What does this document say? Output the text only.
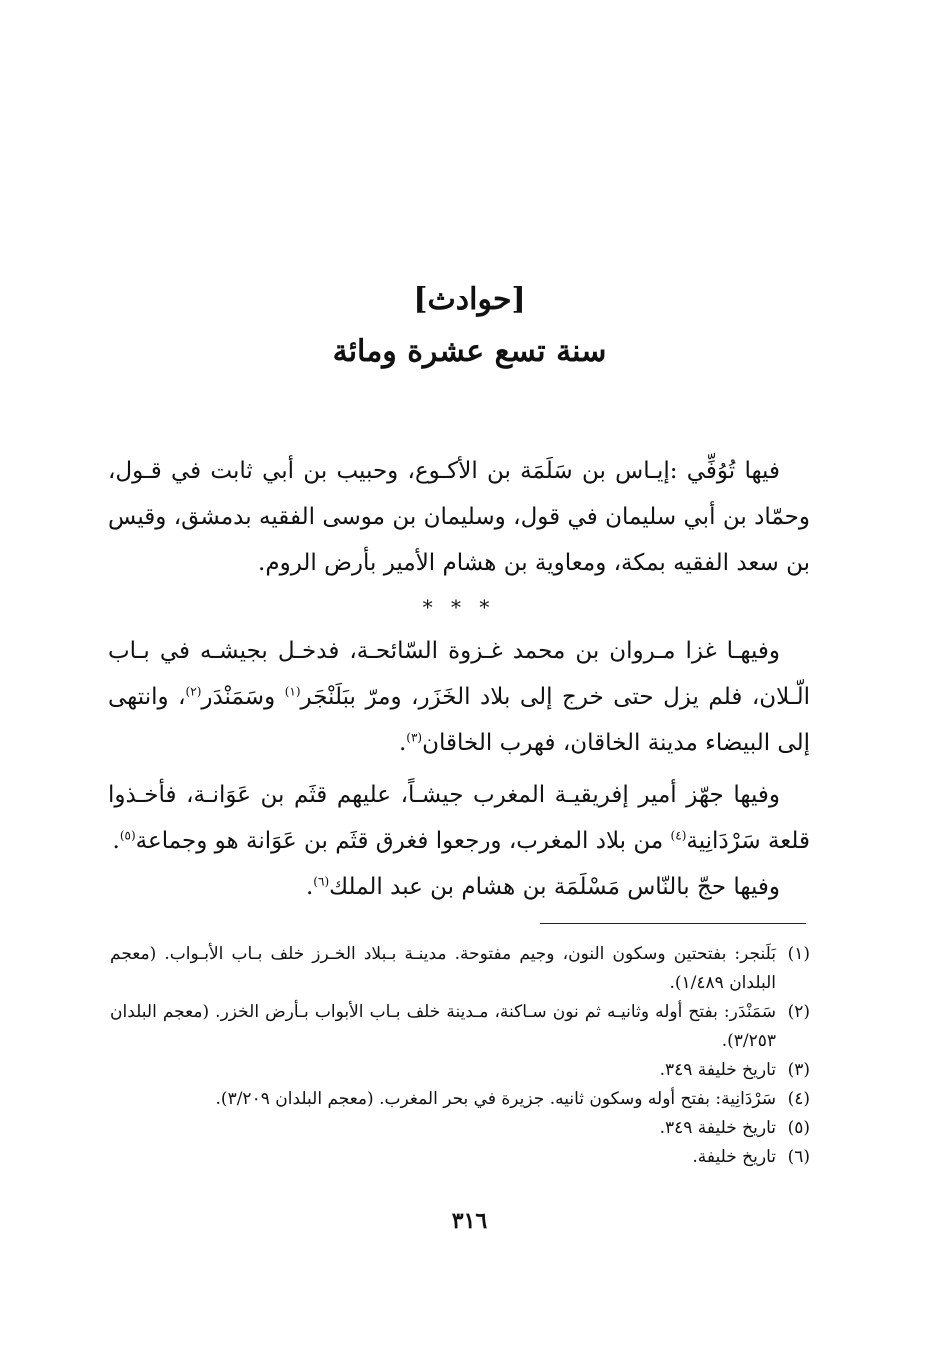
[حوادث]

سنة تسع عشرة ومائة

فيها تُوُفِّي :إيـاس بن سَلَمَة بن الأكـوع، وحبيب بن أبي ثابت في قـول، وحمّاد بن أبي سليمان في قول، وسليمان بن موسى الفقيه بدمشق، وقيس بن سعد الفقيه بمكة، ومعاوية بن هشام الأمير بأرض الروم.

* * *

وفيهـا غزا مـروان بن محمد غـزوة السّائحـة، فدخـل بجيشـه في بـاب الّـلان، فلم يزل حتى خرج إلى بلاد الخَزَر، ومرّ ببَلَنْجَر$^{(١)}$ وسَمَنْدَر$^{(٢)}$، وانتهى إلى البيضاء مدينة الخاقان، فهرب الخاقان$^{(٣)}$.

وفيها جهّز أمير إفريقيـة المغرب جيشـاً، عليهم قثَم بن عَوَانـة، فأخـذوا قلعة سَرْدَانِية$^{(٤)}$ من بلاد المغرب، ورجعوا فغرق قثَم بن عَوَانة هو وجماعة$^{(٥)}$.

وفيها حجّ بالنّاس مَسْلَمَة بن هشام بن عبد الملك$^{(٦)}$.

(١)
بَلَنجر: بفتحتين وسكون النون، وجيم مفتوحة. مدينـة بـبلاد الخـرز خلف بـاب الأبـواب. (معجم البلدان ١/٤٨٩).
(٢)
سَمَنْدَر: بفتح أوله وثانيـه ثم نون سـاكنة، مـدينة خلف بـاب الأبواب بـأرض الخزر. (معجم البلدان ٣/٢٥٣).
(٣)
تاريخ خليفة ٣٤٩.
(٤)
سَرْدَانِية: بفتح أوله وسكون ثانيه. جزيرة في بحر المغرب. (معجم البلدان ٣/٢٠٩).
(٥)
تاريخ خليفة ٣٤٩.
(٦)
تاريخ خليفة.
٣١٦
